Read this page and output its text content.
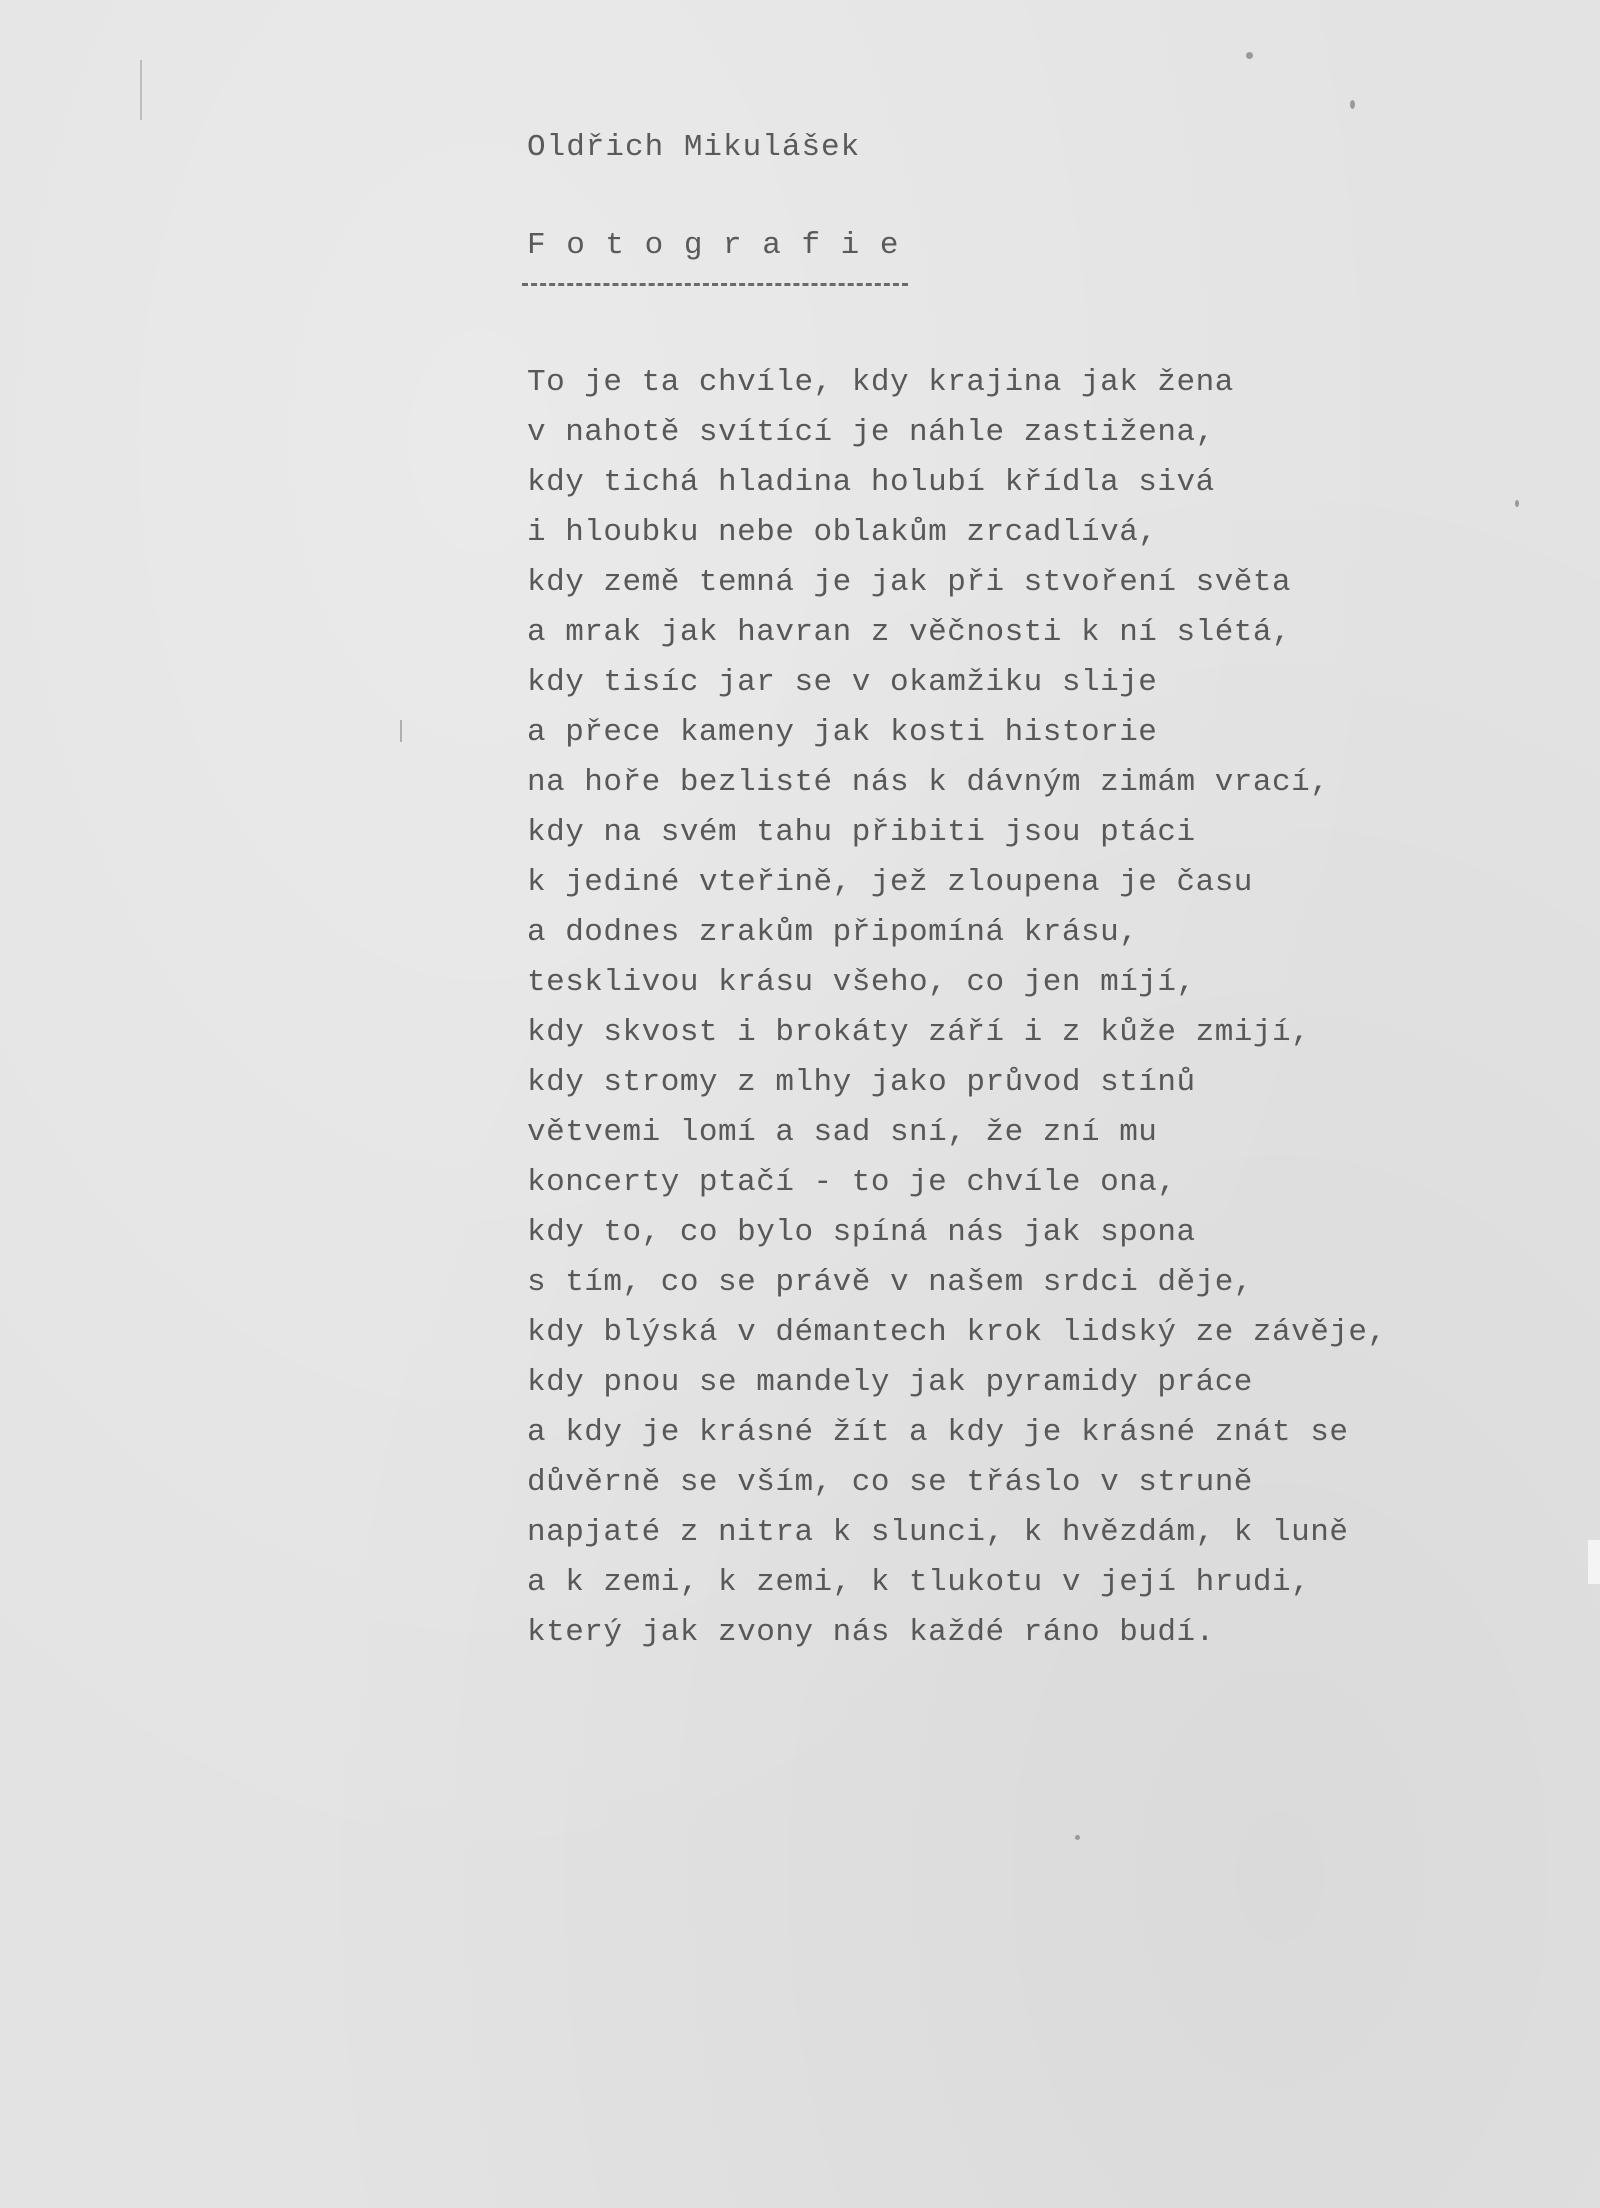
Oldřich Mikulášek
F o t o g r a f i e
To je ta chvíle, kdy krajina jak žena
v nahotě svítící je náhle zastižena,
kdy tichá hladina holubí křídla sivá
i hloubku nebe oblakům zrcadlívá,
kdy země temná je jak při stvoření světa
a mrak jak havran z věčnosti k ní slétá,
kdy tisíc jar se v okamžiku slije
a přece kameny jak kosti historie
na hoře bezlisté nás k dávným zimám vrací,
kdy na svém tahu přibiti jsou ptáci
k jediné vteřině, jež zloupena je času
a dodnes zrakům připomíná krásu,
tesklivou krásu všeho, co jen míjí,
kdy skvost i brokáty září i z kůže zmijí,
kdy stromy z mlhy jako průvod stínů
větvemi lomí a sad sní, že zní mu
koncerty ptačí - to je chvíle ona,
kdy to, co bylo spíná nás jak spona
s tím, co se právě v našem srdci děje,
kdy blýská v démantech krok lidský ze závěje,
kdy pnou se mandely jak pyramidy práce
a kdy je krásné žít a kdy je krásné znát se
důvěrně se vším, co se třáslo v struně
napjaté z nitra k slunci, k hvězdám, k luně
a k zemi, k zemi, k tlukotu v její hrudi,
který jak zvony nás každé ráno budí.
